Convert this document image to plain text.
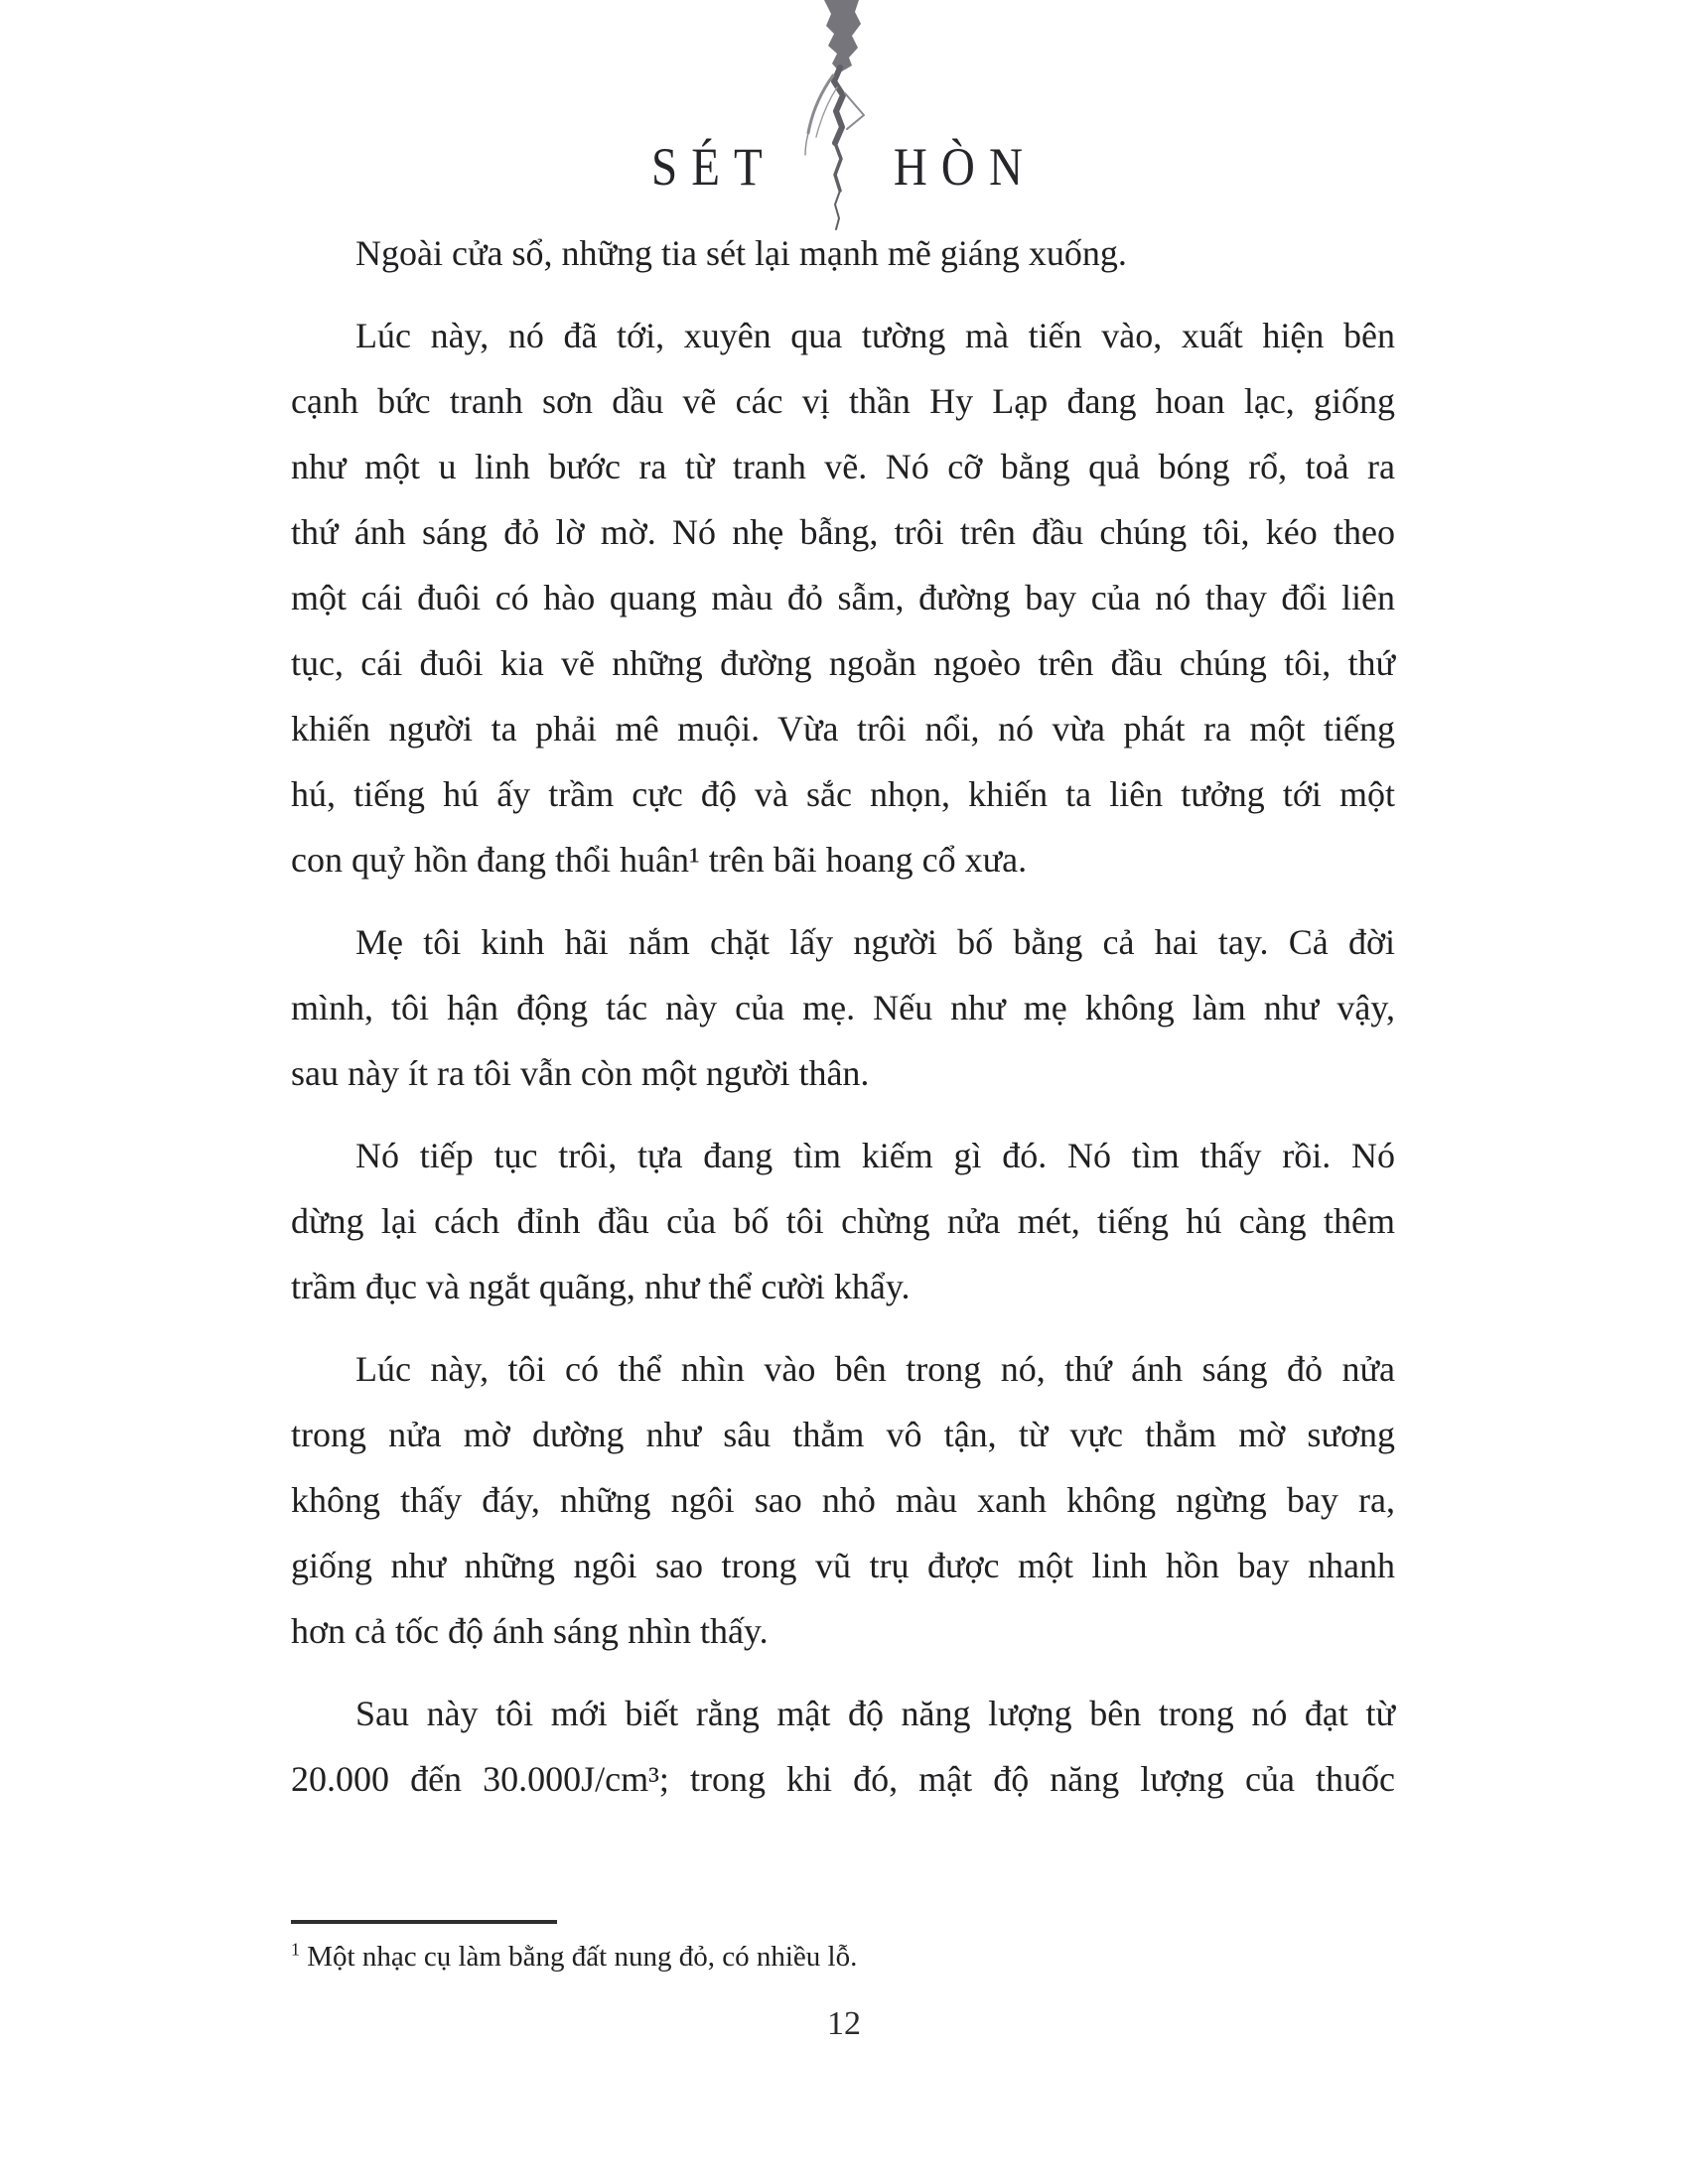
SÉT	HÒN
Ngoài cửa sổ, những tia sét lại mạnh mẽ giáng xuống.
Lúc này, nó đã tới, xuyên qua tường mà tiến vào, xuất hiện bên
cạnh bức tranh sơn dầu vẽ các vị thần Hy Lạp đang hoan lạc, giống
như một u linh bước ra từ tranh vẽ. Nó cỡ bằng quả bóng rổ, toả ra
thứ ánh sáng đỏ lờ mờ. Nó nhẹ bẫng, trôi trên đầu chúng tôi, kéo theo
một cái đuôi có hào quang màu đỏ sẫm, đường bay của nó thay đổi liên
tục, cái đuôi kia vẽ những đường ngoằn ngoèo trên đầu chúng tôi, thứ
khiến người ta phải mê muội. Vừa trôi nổi, nó vừa phát ra một tiếng
hú, tiếng hú ấy trầm cực độ và sắc nhọn, khiến ta liên tưởng tới một
con quỷ hồn đang thổi huân¹ trên bãi hoang cổ xưa.
Mẹ tôi kinh hãi nắm chặt lấy người bố bằng cả hai tay. Cả đời
mình, tôi hận động tác này của mẹ. Nếu như mẹ không làm như vậy,
sau này ít ra tôi vẫn còn một người thân.
Nó tiếp tục trôi, tựa đang tìm kiếm gì đó. Nó tìm thấy rồi. Nó
dừng lại cách đỉnh đầu của bố tôi chừng nửa mét, tiếng hú càng thêm
trầm đục và ngắt quãng, như thể cười khẩy.
Lúc này, tôi có thể nhìn vào bên trong nó, thứ ánh sáng đỏ nửa
trong nửa mờ dường như sâu thẳm vô tận, từ vực thẳm mờ sương
không thấy đáy, những ngôi sao nhỏ màu xanh không ngừng bay ra,
giống như những ngôi sao trong vũ trụ được một linh hồn bay nhanh
hơn cả tốc độ ánh sáng nhìn thấy.
Sau này tôi mới biết rằng mật độ năng lượng bên trong nó đạt từ
20.000 đến 30.000J/cm³; trong khi đó, mật độ năng lượng của thuốc
$^1$ Một nhạc cụ làm bằng đất nung đỏ, có nhiều lỗ.
12
